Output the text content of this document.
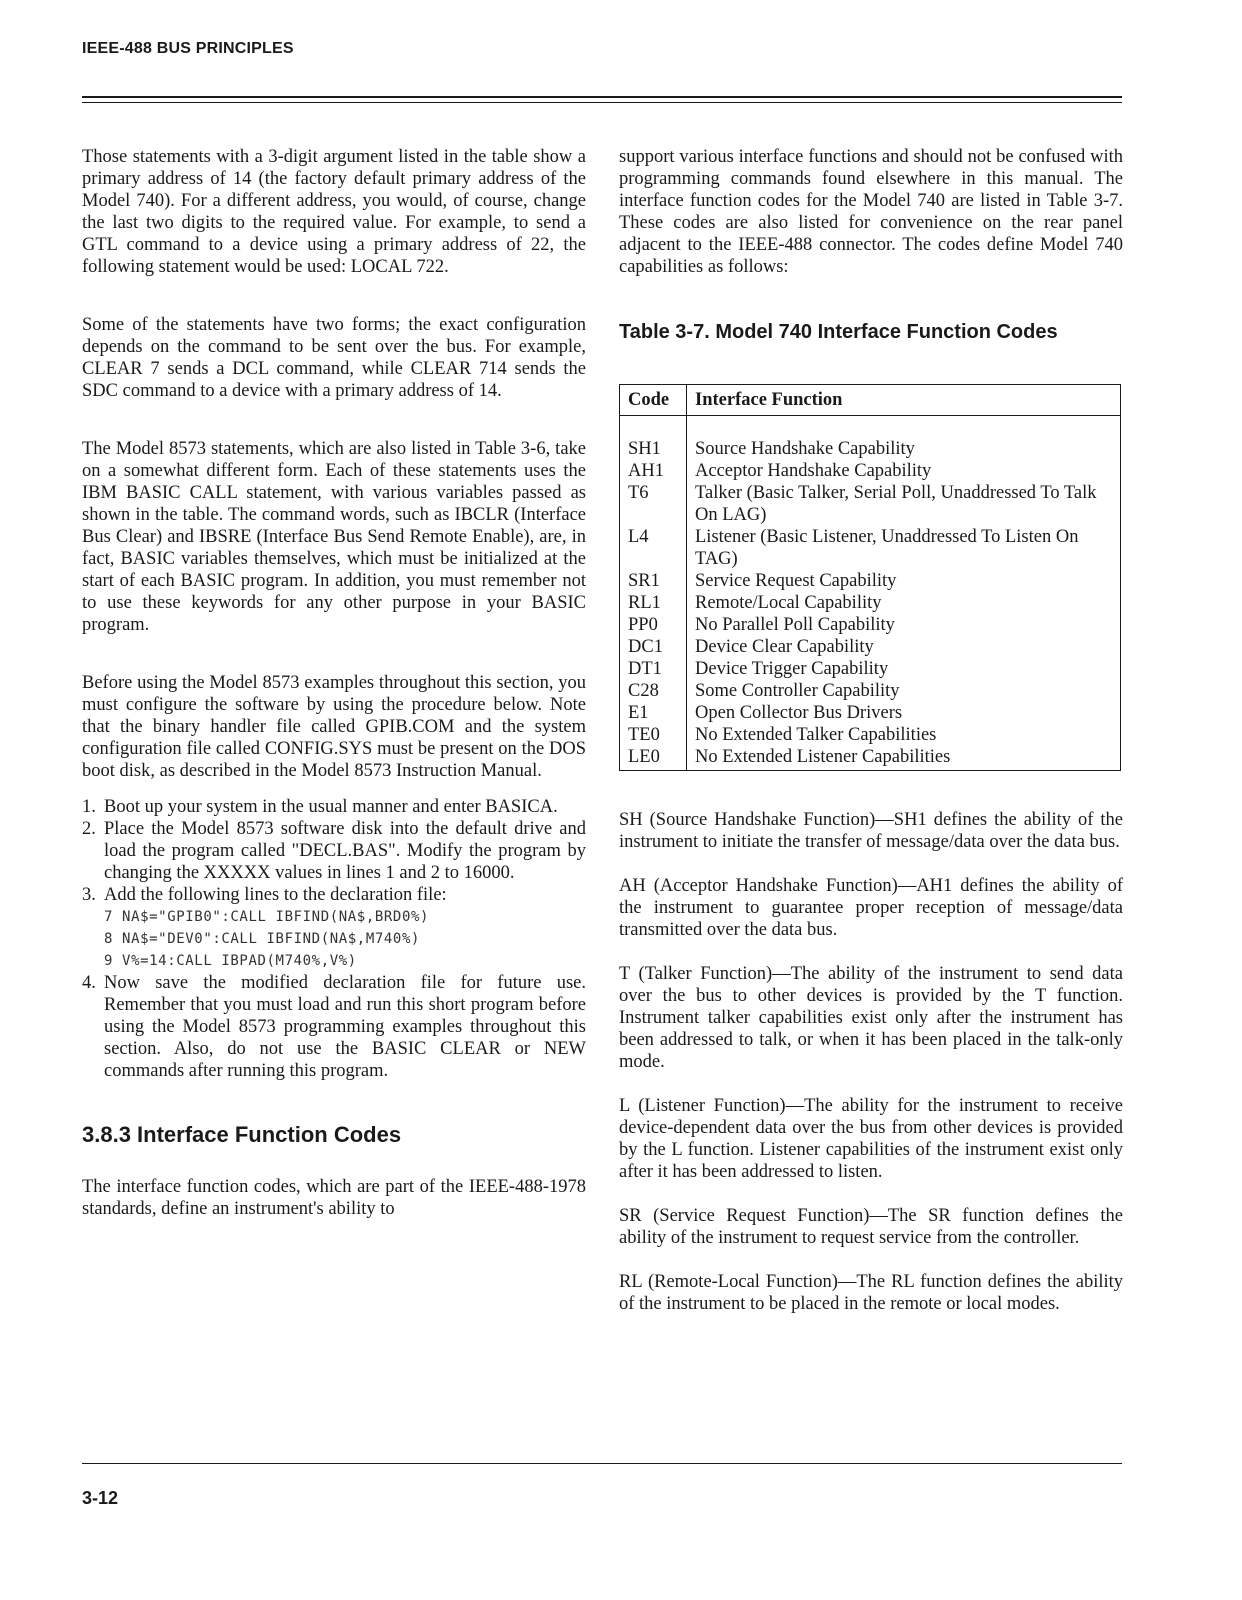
IEEE-488 BUS PRINCIPLES

Those statements with a 3-digit argument listed in the table show a primary address of 14 (the factory default primary address of the Model 740). For a different address, you would, of course, change the last two digits to the required value. For example, to send a GTL command to a device using a primary address of 22, the following statement would be used: LOCAL 722.

Some of the statements have two forms; the exact configuration depends on the command to be sent over the bus. For example, CLEAR 7 sends a DCL command, while CLEAR 714 sends the SDC command to a device with a primary address of 14.

The Model 8573 statements, which are also listed in Table 3-6, take on a somewhat different form. Each of these statements uses the IBM BASIC CALL statement, with various variables passed as shown in the table. The command words, such as IBCLR (Interface Bus Clear) and IBSRE (Interface Bus Send Remote Enable), are, in fact, BASIC variables themselves, which must be initialized at the start of each BASIC program. In addition, you must remember not to use these keywords for any other purpose in your BASIC program.

Before using the Model 8573 examples throughout this section, you must configure the software by using the procedure below. Note that the binary handler file called GPIB.COM and the system configuration file called CONFIG.SYS must be present on the DOS boot disk, as described in the Model 8573 Instruction Manual.

1. Boot up your system in the usual manner and enter BASICA.
2. Place the Model 8573 software disk into the default drive and load the program called "DECL.BAS". Modify the program by changing the XXXXX values in lines 1 and 2 to 16000.
3. Add the following lines to the declaration file:
7 NA$="GPIB0":CALL IBFIND(NA$,BRD0%)
8 NA$="DEV0":CALL IBFIND(NA$,M740%)
9 V%=14:CALL IBPAD(M740%,V%)
4. Now save the modified declaration file for future use. Remember that you must load and run this short program before using the Model 8573 programming examples throughout this section. Also, do not use the BASIC CLEAR or NEW commands after running this program.
3.8.3 Interface Function Codes

The interface function codes, which are part of the IEEE-488-1978 standards, define an instrument's ability to

support various interface functions and should not be confused with programming commands found elsewhere in this manual. The interface function codes for the Model 740 are listed in Table 3-7. These codes are also listed for convenience on the rear panel adjacent to the IEEE-488 connector. The codes define Model 740 capabilities as follows:

Table 3-7. Model 740 Interface Function Codes
Code	Interface Function
SH1	Source Handshake Capability
AH1	Acceptor Handshake Capability
T6	Talker (Basic Talker, Serial Poll, Unaddressed To Talk On LAG)
L4	Listener (Basic Listener, Unaddressed To Listen On TAG)
SR1	Service Request Capability
RL1	Remote/Local Capability
PP0	No Parallel Poll Capability
DC1	Device Clear Capability
DT1	Device Trigger Capability
C28	Some Controller Capability
E1	Open Collector Bus Drivers
TE0	No Extended Talker Capabilities
LE0	No Extended Listener Capabilities

SH (Source Handshake Function)—SH1 defines the ability of the instrument to initiate the transfer of message/data over the data bus.

AH (Acceptor Handshake Function)—AH1 defines the ability of the instrument to guarantee proper reception of message/data transmitted over the data bus.

T (Talker Function)—The ability of the instrument to send data over the bus to other devices is provided by the T function. Instrument talker capabilities exist only after the instrument has been addressed to talk, or when it has been placed in the talk-only mode.

L (Listener Function)—The ability for the instrument to receive device-dependent data over the bus from other devices is provided by the L function. Listener capabilities of the instrument exist only after it has been addressed to listen.

SR (Service Request Function)—The SR function defines the ability of the instrument to request service from the controller.

RL (Remote-Local Function)—The RL function defines the ability of the instrument to be placed in the remote or local modes.

3-12
